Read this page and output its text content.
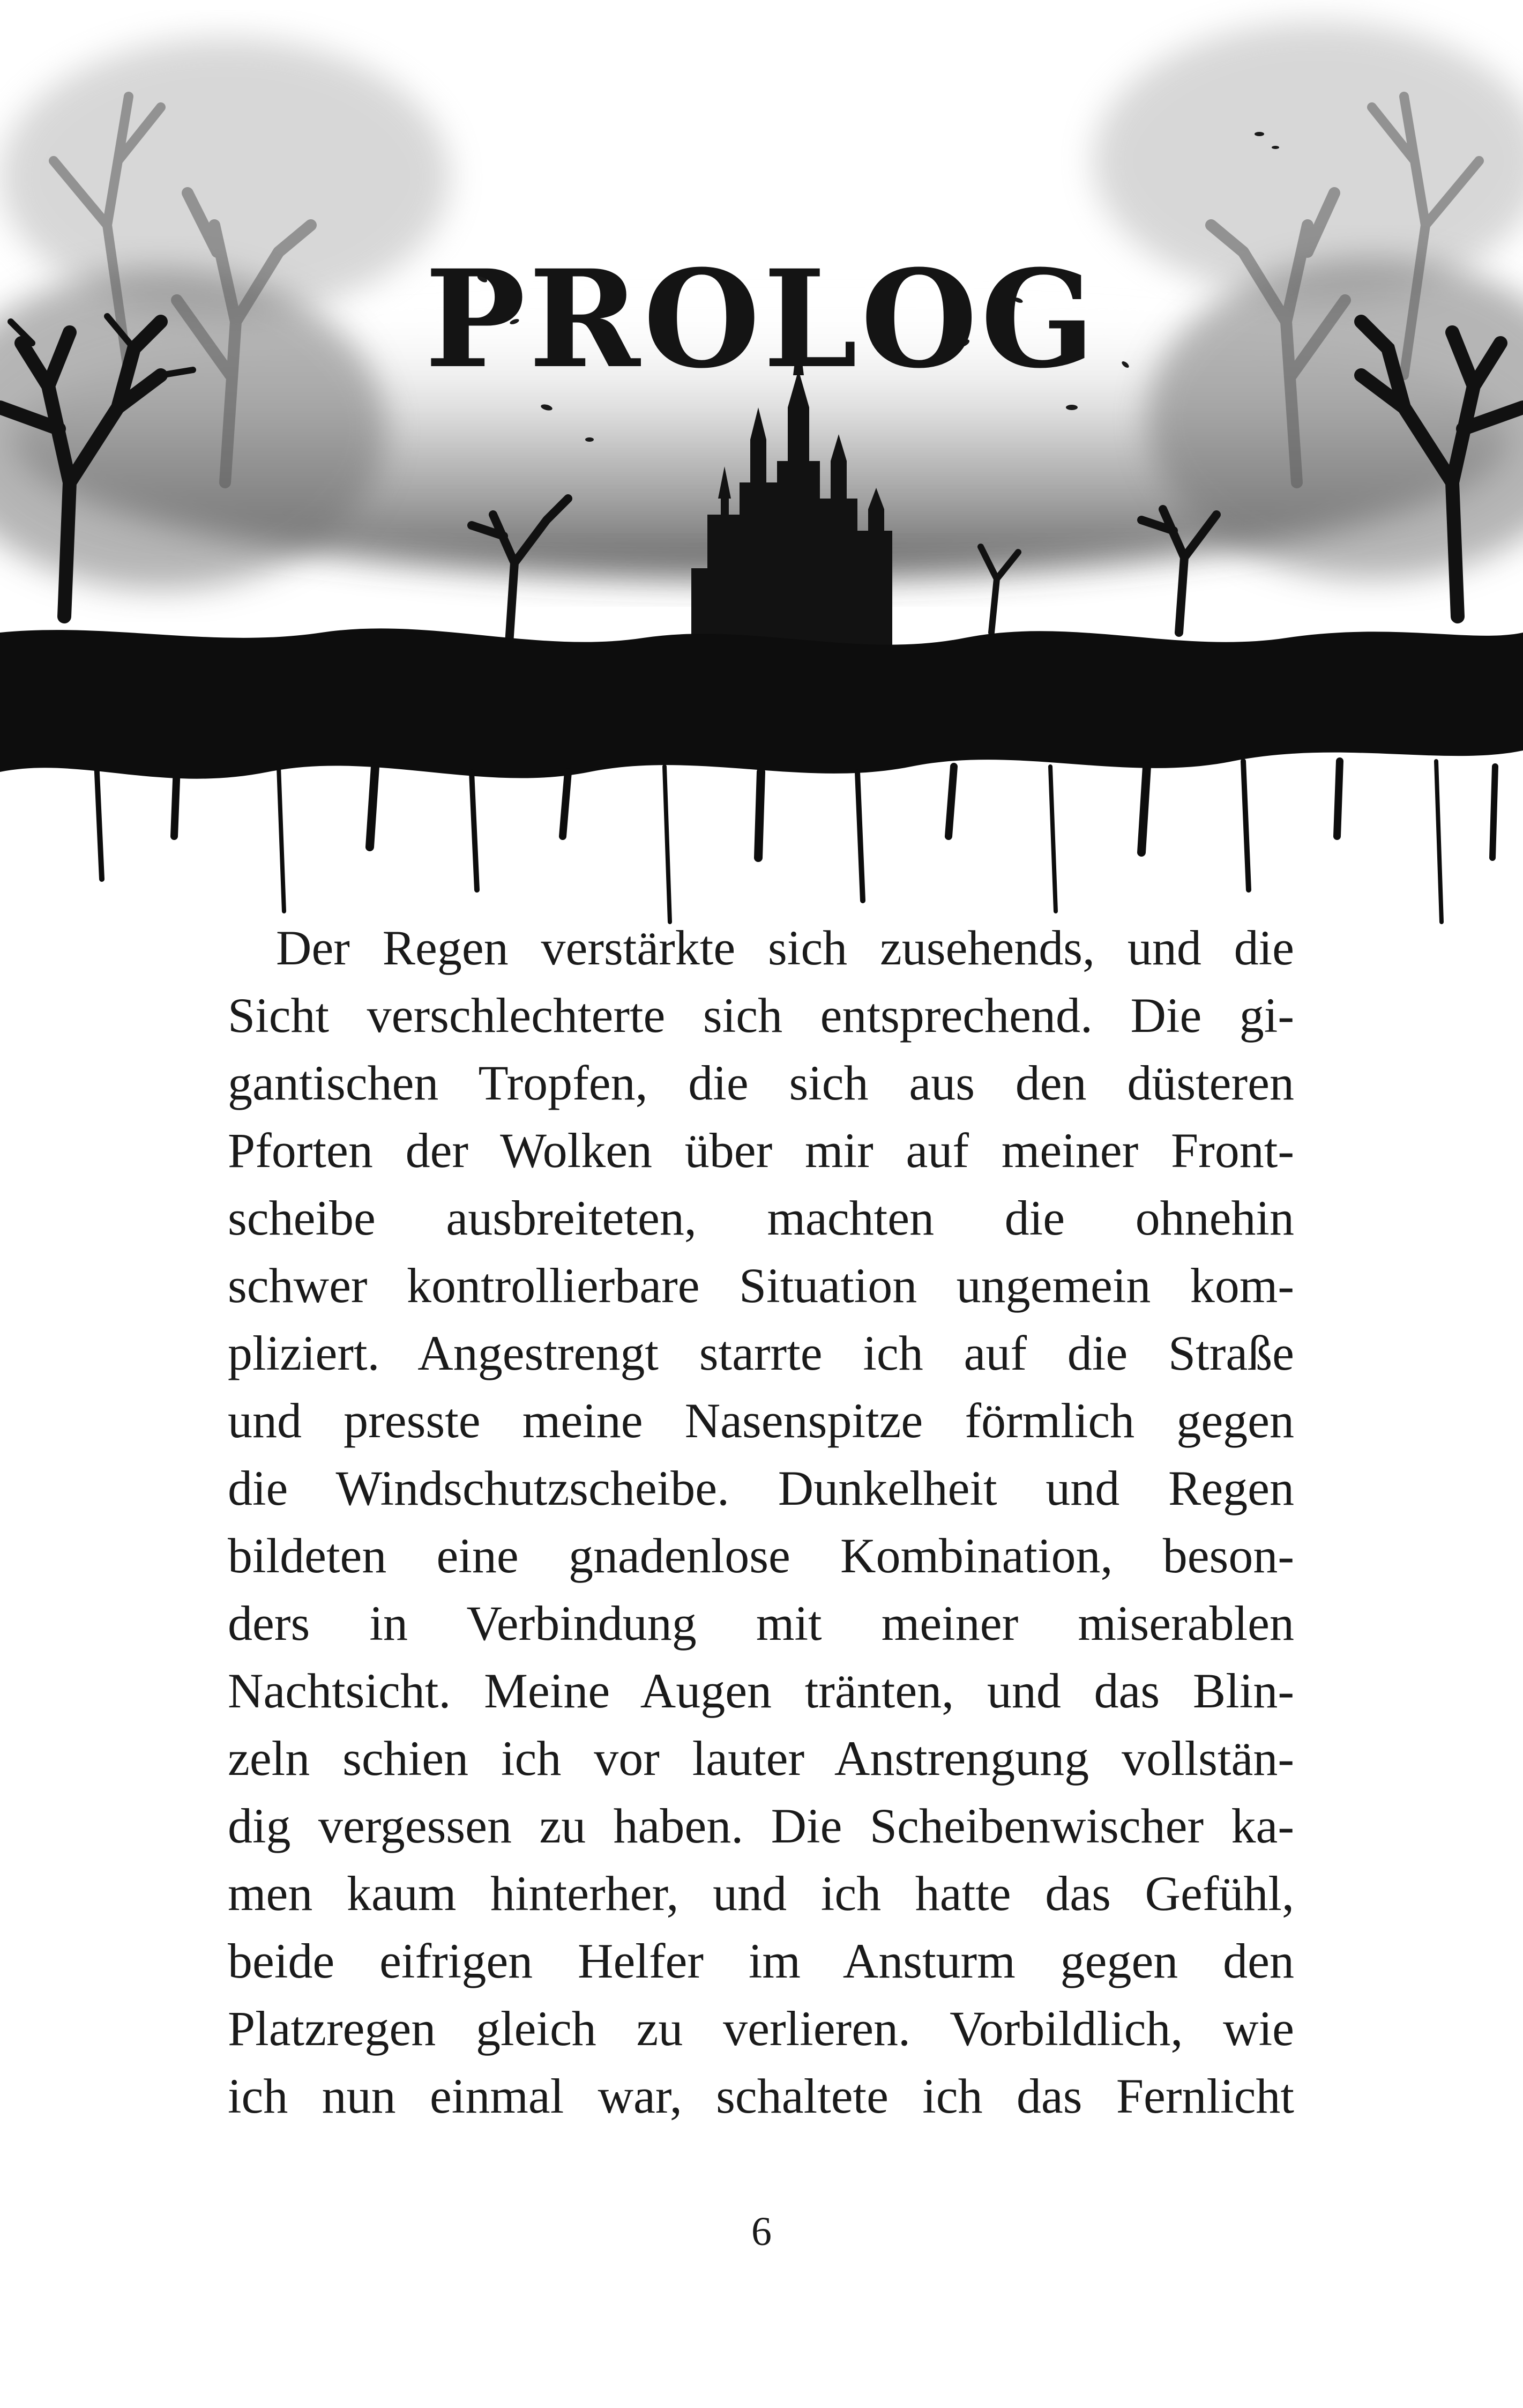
PROLOG
Der Regen verstärkte sich zusehends, und die
Sicht verschlechterte sich entsprechend. Die gi-
gantischen Tropfen, die sich aus den düsteren
Pforten der Wolken über mir auf meiner Front-
scheibe ausbreiteten, machten die ohnehin
schwer kontrollierbare Situation ungemein kom-
pliziert. Angestrengt starrte ich auf die Straße
und presste meine Nasenspitze förmlich gegen
die Windschutzscheibe. Dunkelheit und Regen
bildeten eine gnadenlose Kombination, beson-
ders in Verbindung mit meiner miserablen
Nachtsicht. Meine Augen tränten, und das Blin-
zeln schien ich vor lauter Anstrengung vollstän-
dig vergessen zu haben. Die Scheibenwischer ka-
men kaum hinterher, und ich hatte das Gefühl,
beide eifrigen Helfer im Ansturm gegen den
Platzregen gleich zu verlieren. Vorbildlich, wie
ich nun einmal war, schaltete ich das Fernlicht
6
